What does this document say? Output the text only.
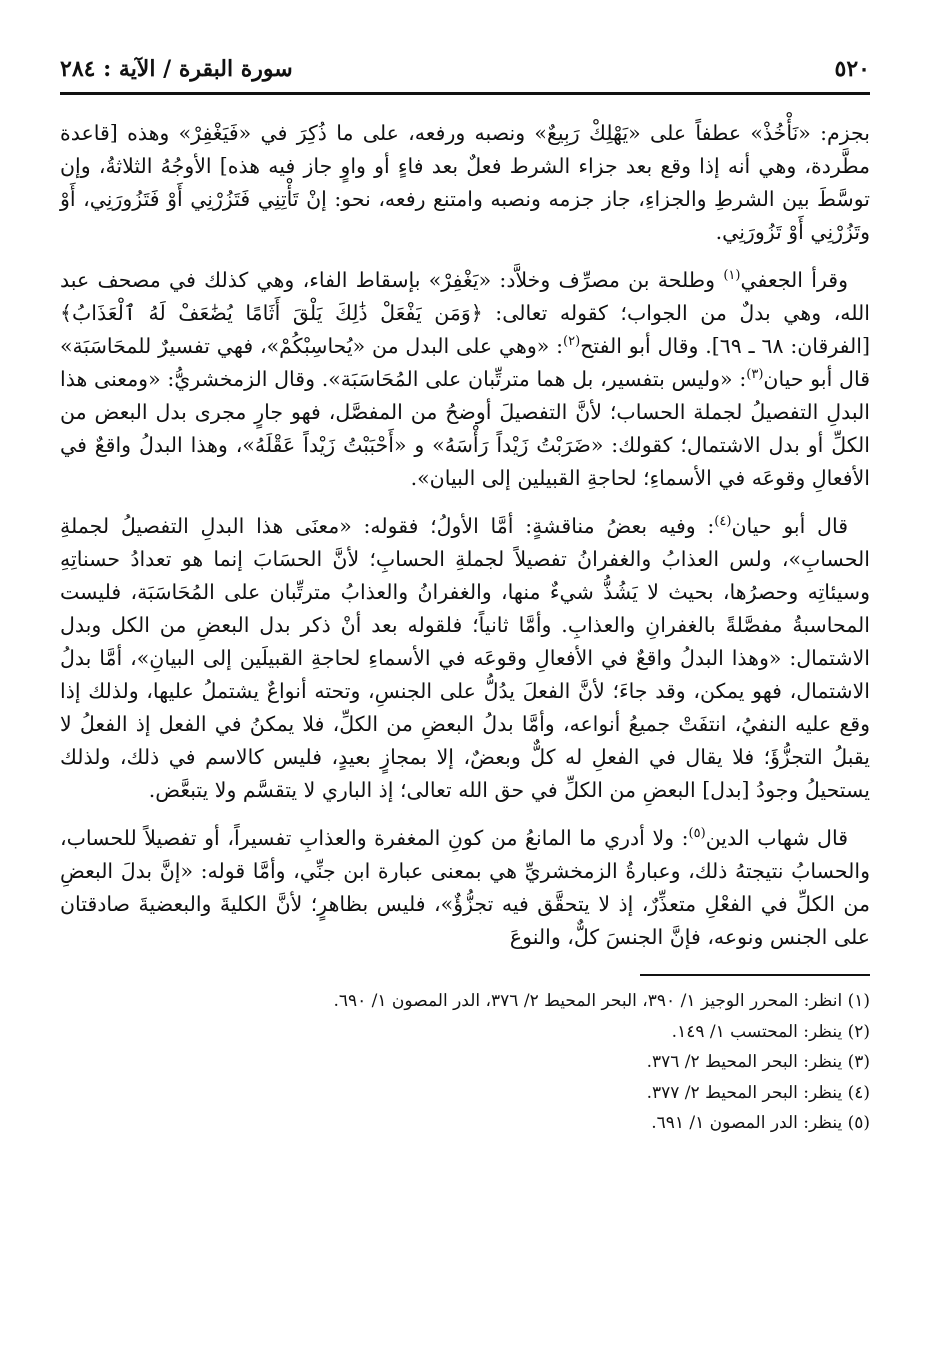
٥٢٠
سورة البقرة / الآية : ٢٨٤

بجزم: «نَأْخُذْ» عطفاً على «يَهْلِكْ رَبِيعٌ» ونصبه ورفعه، على ما ذُكِرَ في «فَيَغْفِرْ» وهذه [قاعدة مطَّردة، وهي أنه إذا وقع بعد جزاء الشرط فعلٌ بعد فاءٍ أو واوٍ جاز فيه هذه] الأوجُهُ الثلاثةُ، وإن توسَّطَ بين الشرطِ والجزاءِ، جاز جزمه ونصبه وامتنع رفعه، نحو: إنْ تَأْتِنِي فَتَزُرْنِي أَوْ فَتَزُورَنِي، أَوْ وتَزُرْنِي أَوْ تَزُورَنِي.

وقرأ الجعفي$^{(١)}$ وطلحة بن مصرِّف وخلاَّد: «يَغْفِرْ» بإسقاط الفاء، وهي كذلك في مصحف عبد الله، وهي بدلٌ من الجواب؛ كقوله تعالى: ﴿وَمَن يَفْعَلْ ذَٰلِكَ يَلْقَ أَثَامًا يُضَٰعَفْ لَهُ ٱلْعَذَابُ﴾ [الفرقان: ٦٨ ـ ٦٩]. وقال أبو الفتح$^{(٢)}$: «وهي على البدل من «يُحاسِبْكُمْ»، فهي تفسيرٌ للمحَاسَبَة» قال أبو حيان$^{(٣)}$: «وليس بتفسير، بل هما مترتِّبان على المُحَاسَبَة». وقال الزمخشريُّ: «ومعنى هذا البدلِ التفصيلُ لجملة الحساب؛ لأنَّ التفصيلَ أوضحُ من المفصَّل، فهو جارٍ مجرى بدل البعض من الكلِّ أو بدل الاشتمال؛ كقولك: «ضَرَبْتُ زَيْداً رَأْسَهُ» و «أَحْبَبْتُ زَيْداً عَقْلَهُ»، وهذا البدلُ واقعٌ في الأفعالِ وقوعَه في الأسماءِ؛ لحاجةِ القبيلين إلى البيان».

قال أبو حيان$^{(٤)}$: وفيه بعضُ مناقشةٍ: أمَّا الأولُ؛ فقوله: «معنَى هذا البدلِ التفصيلُ لجملةِ الحسابِ»، ولس العذابُ والغفرانُ تفصيلاً لجملةِ الحسابِ؛ لأنَّ الحسَابَ إنما هو تعدادُ حسناتِهِ وسيئاتِه وحصرُها، بحيث لا يَشُذُّ شيءٌ منها، والغفرانُ والعذابُ مترتِّبان على المُحَاسَبَة، فليست المحاسبةُ مفصَّلةً بالغفرانِ والعذابِ. وأمَّا ثانياً؛ فلقوله بعد أنْ ذكر بدل البعضِ من الكل وبدل الاشتمال: «وهذا البدلُ واقعٌ في الأفعالِ وقوعَه في الأسماءِ لحاجةِ القبيلَين إلى البيانِ»، أمَّا بدلُ الاشتمال، فهو يمكن، وقد جاءَ؛ لأنَّ الفعلَ يدُلُّ على الجنسِ، وتحته أنواعٌ يشتملُ عليها، ولذلك إذا وقع عليه النفيُ، انتفَتْ جميعُ أنواعه، وأمَّا بدلُ البعضِ من الكلِّ، فلا يمكنُ في الفعل إذ الفعلُ لا يقبلُ التجزُّؤَ؛ فلا يقال في الفعلِ له كلٌّ وبعضٌ، إلا بمجازٍ بعيدٍ، فليس كالاسم في ذلك، ولذلك يستحيلُ وجودُ [بدل] البعضِ من الكلِّ في حق الله تعالى؛ إذ الباري لا يتقسَّم ولا يتبعَّض.

قال شهاب الدين$^{(٥)}$: ولا أدري ما المانعُ من كونِ المغفرة والعذابِ تفسيراً، أو تفصيلاً للحساب، والحسابُ نتيجتهُ ذلك، وعبارةُ الزمخشريِّ هي بمعنى عبارة ابن جنِّي، وأمَّا قوله: «إنَّ بدلَ البعضِ من الكلِّ في الفعْلِ متعذِّرٌ، إذ لا يتحقَّق فيه تجزُّؤٌ»، فليس بظاهرٍ؛ لأنَّ الكليةَ والبعضيةَ صادقتان على الجنس ونوعه، فإنَّ الجنسَ كلٌّ، والنوعَ

(١) انظر: المحرر الوجيز ١/ ٣٩٠، البحر المحيط ٢/ ٣٧٦، الدر المصون ١/ ٦٩٠.
(٢) ينظر: المحتسب ١/ ١٤٩.
(٣) ينظر: البحر المحيط ٢/ ٣٧٦.
(٤) ينظر: البحر المحيط ٢/ ٣٧٧.
(٥) ينظر: الدر المصون ١/ ٦٩١.
